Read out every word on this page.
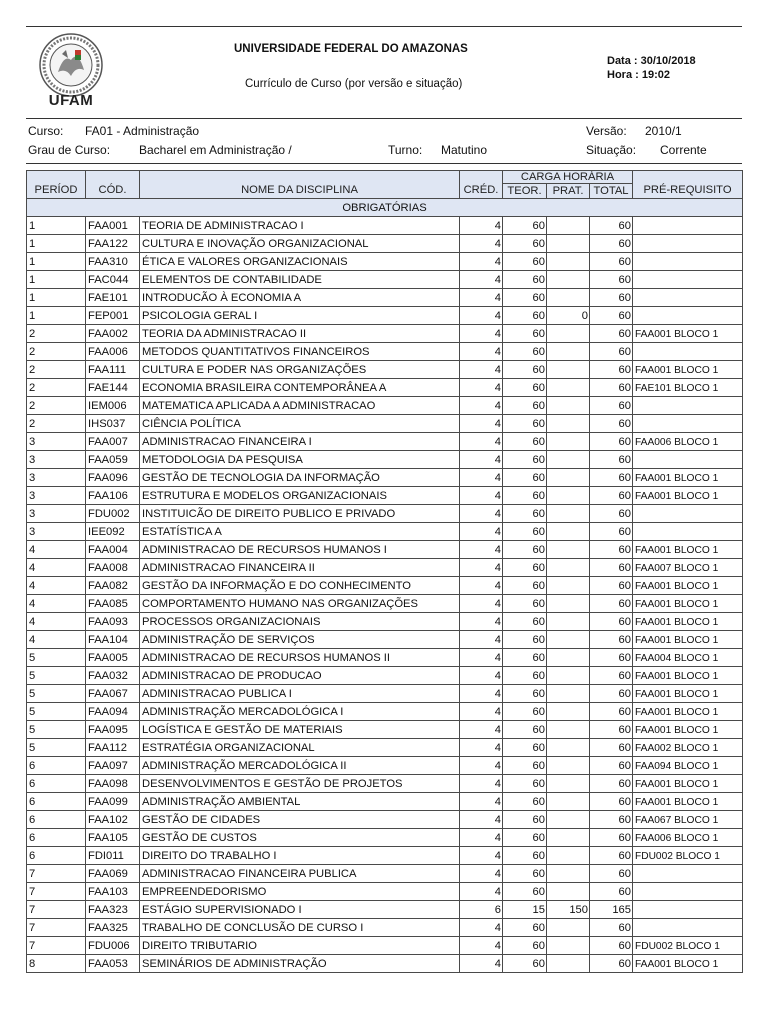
UFAM
UNIVERSIDADE FEDERAL DO AMAZONAS
Currículo de Curso (por versão e situação)
Data : 30/10/2018
Hora : 19:02
Curso: FA01 - Administração	Versão: 2010/1
Grau de Curso: Bacharel em Administração /	Turno: Matutino	Situação: Corrente
PERÍOD	CÓD.	NOME DA DISCIPLINA	CRÉD.	CARGA HORÁRIA			PRÉ-REQUISITO
				TEOR.	PRAT.	TOTAL	
OBRIGATÓRIAS							
1	FAA001	TEORIA DE ADMINISTRACAO I	4	60		60	
1	FAA122	CULTURA E INOVAÇÃO ORGANIZACIONAL	4	60		60	
1	FAA310	ÉTICA E VALORES ORGANIZACIONAIS	4	60		60	
1	FAC044	ELEMENTOS DE CONTABILIDADE	4	60		60	
1	FAE101	INTRODUCÃO À ECONOMIA A	4	60		60	
1	FEP001	PSICOLOGIA GERAL I	4	60	0	60	
2	FAA002	TEORIA DA ADMINISTRACAO II	4	60		60	FAA001 BLOCO 1
2	FAA006	METODOS QUANTITATIVOS FINANCEIROS	4	60		60	
2	FAA111	CULTURA E PODER NAS ORGANIZAÇÕES	4	60		60	FAA001 BLOCO 1
2	FAE144	ECONOMIA BRASILEIRA CONTEMPORÂNEA A	4	60		60	FAE101 BLOCO 1
2	IEM006	MATEMATICA APLICADA A ADMINISTRACAO	4	60		60	
2	IHS037	CIÊNCIA POLÍTICA	4	60		60	
3	FAA007	ADMINISTRACAO FINANCEIRA I	4	60		60	FAA006 BLOCO 1
3	FAA059	METODOLOGIA DA PESQUISA	4	60		60	
3	FAA096	GESTÃO DE TECNOLOGIA DA INFORMAÇÃO	4	60		60	FAA001 BLOCO 1
3	FAA106	ESTRUTURA E MODELOS ORGANIZACIONAIS	4	60		60	FAA001 BLOCO 1
3	FDU002	INSTITUICÃO DE DIREITO PUBLICO E PRIVADO	4	60		60	
3	IEE092	ESTATÍSTICA A	4	60		60	
4	FAA004	ADMINISTRACAO DE RECURSOS HUMANOS I	4	60		60	FAA001 BLOCO 1
4	FAA008	ADMINISTRACAO FINANCEIRA II	4	60		60	FAA007 BLOCO 1
4	FAA082	GESTÃO DA INFORMAÇÃO E DO CONHECIMENTO	4	60		60	FAA001 BLOCO 1
4	FAA085	COMPORTAMENTO HUMANO NAS ORGANIZAÇÕES	4	60		60	FAA001 BLOCO 1
4	FAA093	PROCESSOS ORGANIZACIONAIS	4	60		60	FAA001 BLOCO 1
4	FAA104	ADMINISTRAÇÃO DE SERVIÇOS	4	60		60	FAA001 BLOCO 1
5	FAA005	ADMINISTRACAO DE RECURSOS HUMANOS II	4	60		60	FAA004 BLOCO 1
5	FAA032	ADMINISTRACAO DE PRODUCAO	4	60		60	FAA001 BLOCO 1
5	FAA067	ADMINISTRACAO PUBLICA I	4	60		60	FAA001 BLOCO 1
5	FAA094	ADMINISTRAÇÃO MERCADOLÓGICA I	4	60		60	FAA001 BLOCO 1
5	FAA095	LOGÍSTICA E GESTÃO DE MATERIAIS	4	60		60	FAA001 BLOCO 1
5	FAA112	ESTRATÉGIA ORGANIZACIONAL	4	60		60	FAA002 BLOCO 1
6	FAA097	ADMINISTRAÇÃO MERCADOLÓGICA II	4	60		60	FAA094 BLOCO 1
6	FAA098	DESENVOLVIMENTOS E GESTÃO DE PROJETOS	4	60		60	FAA001 BLOCO 1
6	FAA099	ADMINISTRAÇÃO AMBIENTAL	4	60		60	FAA001 BLOCO 1
6	FAA102	GESTÃO DE CIDADES	4	60		60	FAA067 BLOCO 1
6	FAA105	GESTÃO DE CUSTOS	4	60		60	FAA006 BLOCO 1
6	FDI011	DIREITO DO TRABALHO I	4	60		60	FDU002 BLOCO 1
7	FAA069	ADMINISTRACAO FINANCEIRA PUBLICA	4	60		60	
7	FAA103	EMPREENDEDORISMO	4	60		60	
7	FAA323	ESTÁGIO SUPERVISIONADO I	6	15	150	165	
7	FAA325	TRABALHO DE CONCLUSÃO DE CURSO I	4	60		60	
7	FDU006	DIREITO TRIBUTARIO	4	60		60	FDU002 BLOCO 1
8	FAA053	SEMINÁRIOS DE ADMINISTRAÇÃO	4	60		60	FAA001 BLOCO 1
